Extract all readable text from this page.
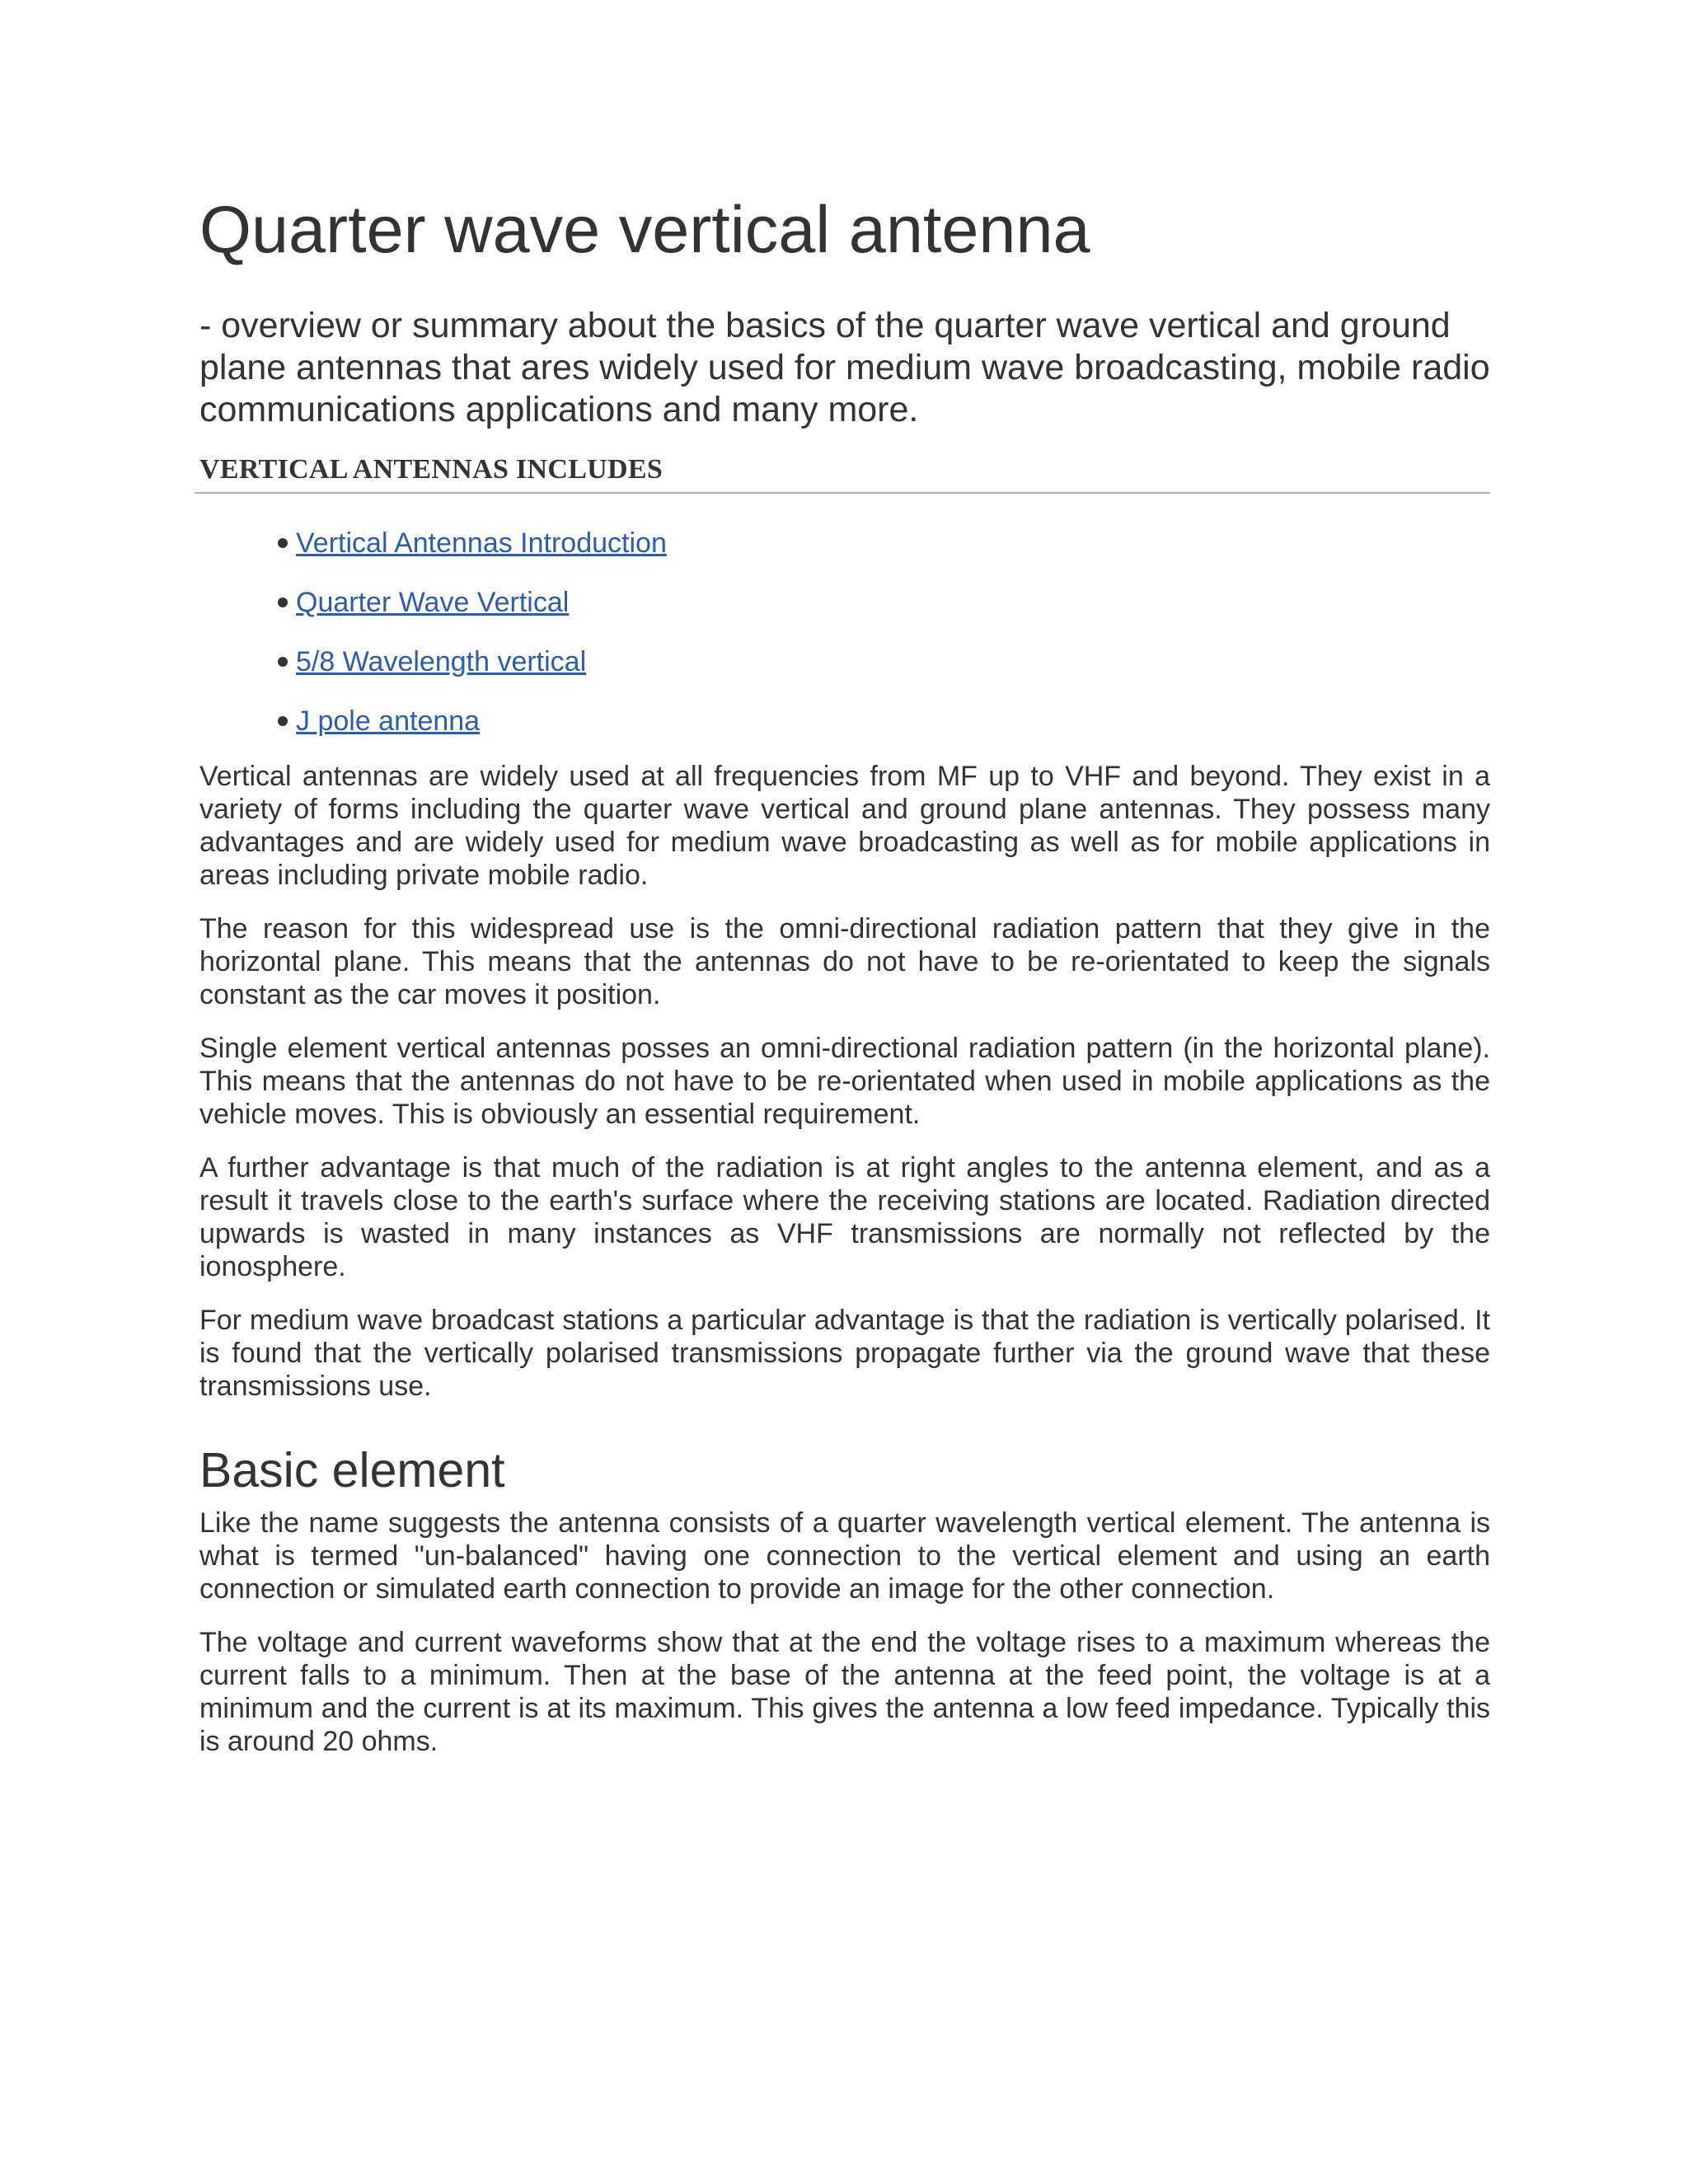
Quarter wave vertical antenna
- overview or summary about the basics of the quarter wave vertical and ground plane antennas that ares widely used for medium wave broadcasting, mobile radio communications applications and many more.
VERTICAL ANTENNAS INCLUDES
Vertical Antennas Introduction
Quarter Wave Vertical
5/8 Wavelength vertical
J pole antenna

Vertical antennas are widely used at all frequencies from MF up to VHF and beyond. They exist in a variety of forms including the quarter wave vertical and ground plane antennas. They possess many advantages and are widely used for medium wave broadcasting as well as for mobile applications in areas including private mobile radio.

The reason for this widespread use is the omni-directional radiation pattern that they give in the horizontal plane. This means that the antennas do not have to be re-orientated to keep the signals constant as the car moves it position.

Single element vertical antennas posses an omni-directional radiation pattern (in the horizontal plane). This means that the antennas do not have to be re-orientated when used in mobile applications as the vehicle moves. This is obviously an essential requirement.

A further advantage is that much of the radiation is at right angles to the antenna element, and as a result it travels close to the earth's surface where the receiving stations are located. Radiation directed upwards is wasted in many instances as VHF transmissions are normally not reflected by the ionosphere.

For medium wave broadcast stations a particular advantage is that the radiation is vertically polarised. It is found that the vertically polarised transmissions propagate further via the ground wave that these transmissions use.

Basic element

Like the name suggests the antenna consists of a quarter wavelength vertical element. The antenna is what is termed "un-balanced" having one connection to the vertical element and using an earth connection or simulated earth connection to provide an image for the other connection.

The voltage and current waveforms show that at the end the voltage rises to a maximum whereas the current falls to a minimum. Then at the base of the antenna at the feed point, the voltage is at a minimum and the current is at its maximum. This gives the antenna a low feed impedance. Typically this is around 20 ohms.
